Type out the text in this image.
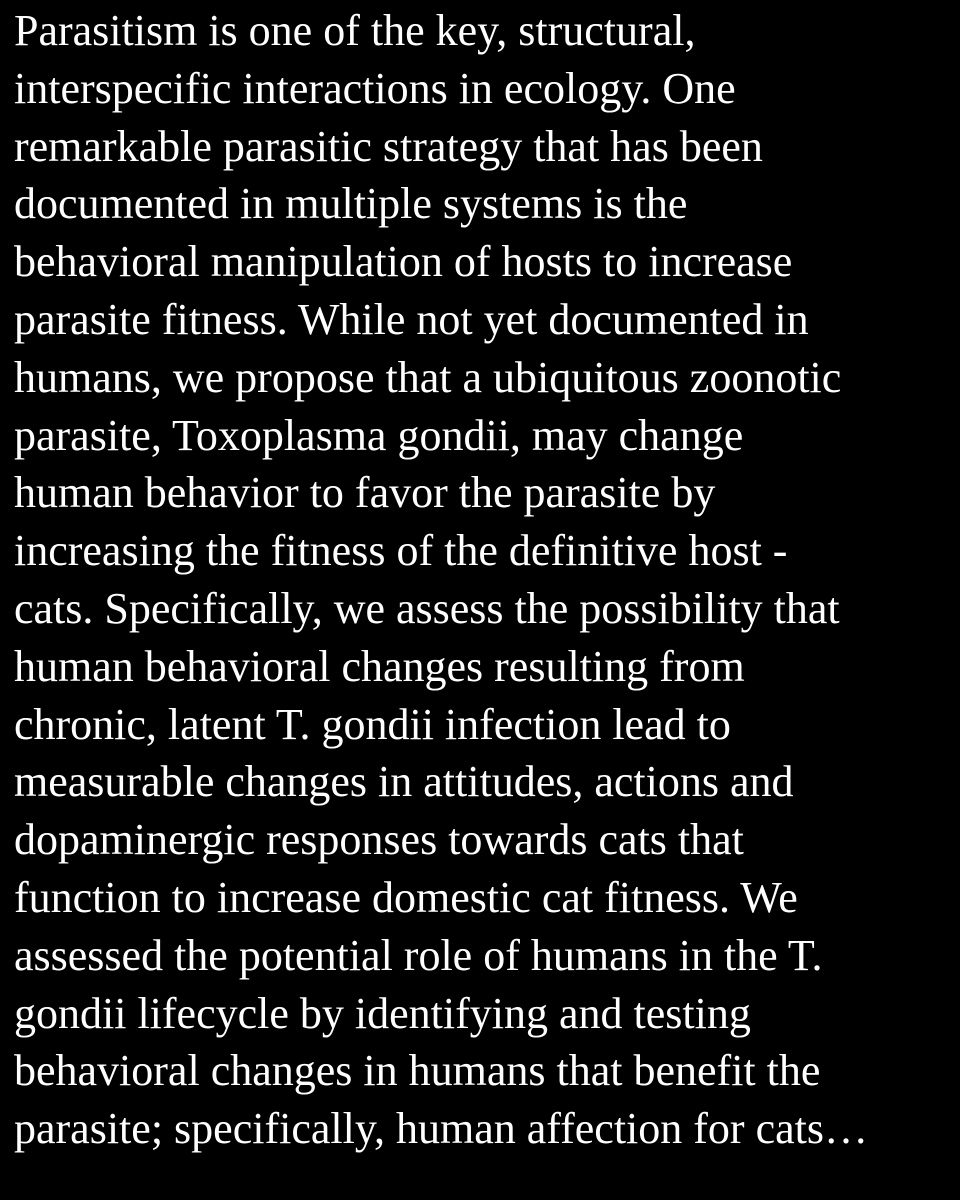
Parasitism is one of the key, structural,
interspecific interactions in ecology. One
remarkable parasitic strategy that has been
documented in multiple systems is the
behavioral manipulation of hosts to increase
parasite fitness. While not yet documented in
humans, we propose that a ubiquitous zoonotic
parasite, Toxoplasma gondii, may change
human behavior to favor the parasite by
increasing the fitness of the definitive host -
cats. Specifically, we assess the possibility that
human behavioral changes resulting from
chronic, latent T. gondii infection lead to
measurable changes in attitudes, actions and
dopaminergic responses towards cats that
function to increase domestic cat fitness. We
assessed the potential role of humans in the T.
gondii lifecycle by identifying and testing
behavioral changes in humans that benefit the
parasite; specifically, human affection for cats…
